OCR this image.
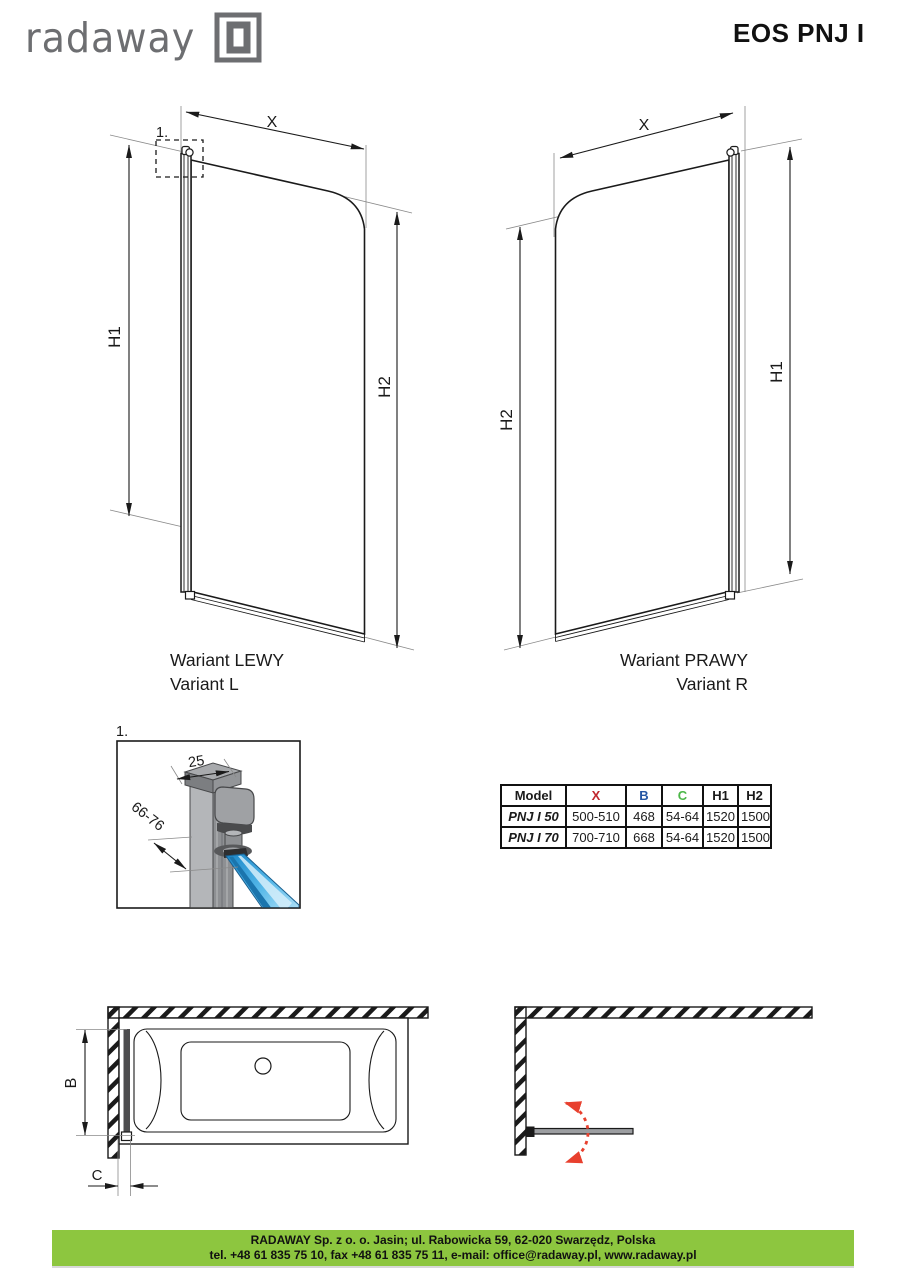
radaway	EOS PNJ I
1.
X
H1
H2
Wariant LEWY
Variant L
X
H1
H2
Wariant PRAWY
Variant R
1.
25
66-76
B
C
Model	X	B	C	H1	H2
PNJ I 50	500-510	468	54-64	1520	1500
PNJ I 70	700-710	668	54-64	1520	1500
RADAWAY Sp. z o. o. Jasin; ul. Rabowicka 59, 62-020 Swarzędz, Polska
tel. +48 61 835 75 10, fax +48 61 835 75 11, e-mail: office@radaway.pl, www.radaway.pl
